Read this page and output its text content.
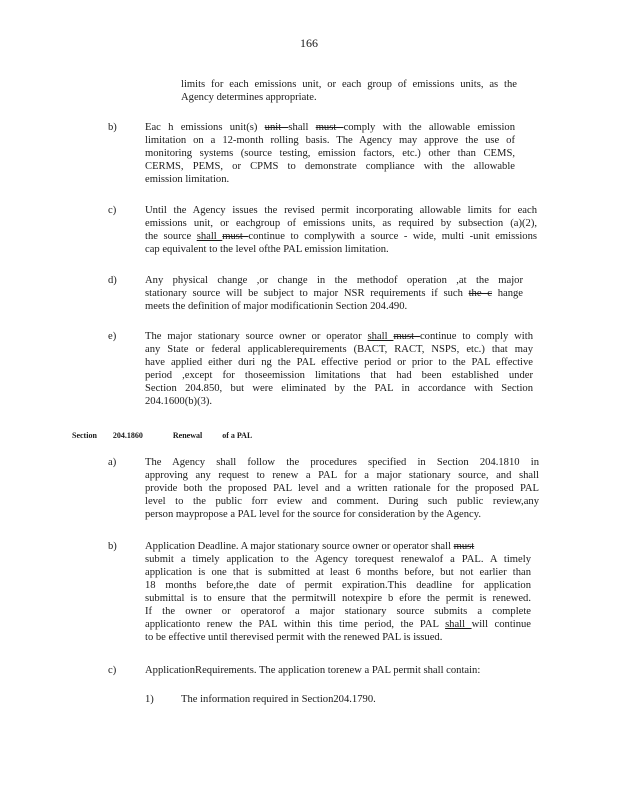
166
limits for each emissions unit, or each group of emissions units, as the
Agency determines appropriate.
b)	Eac h emissions unit(s) unit shall must comply with the allowable emission
limitation on a 12-month rolling basis. The Agency may approve the use of
monitoring systems (source testing, emission factors, etc.) other than CEMS,
CERMS, PEMS, or CPMS to demonstrate compliance with the allowable
emission limitation.
c)	Until the Agency issues the revised permit incorporating allowable limits for each
emissions unit, or eachgroup of emissions units, as required by subsection (a)(2),
the source shall must continue to complywith a source - wide, multi -unit emissions
cap equivalent to the level ofthe PAL emission limitation.
d)	Any physical change ,or change in the methodof operation ,at the major
stationary source will be subject to major NSR requirements if such the c hange
meets the definition of major modificationin Section 204.490.
e)	The major stationary source owner or operator shall must continue to comply with
any State or federal applicablerequirements (BACT, RACT, NSPS, etc.) that may
have applied either duri ng the PAL effective period or prior to the PAL effective
period ,except for thoseemission limitations that had been established under
Section 204.850, but were eliminated by the PAL in accordance with Section
204.1600(b)(3).
Section 204.1860	Renewal	of a PAL
a)	The Agency shall follow the procedures specified in Section 204.1810 in
approving any request to renew a PAL for a major stationary source, and shall
provide both the proposed PAL level and a written rationale for the proposed PAL
level to the public forr eview and comment. During such public review,any
person maypropose a PAL level for the source for consideration by the Agency.
b)	Application Deadline. A major stationary source owner or operator shall must
submit a timely application to the Agency torequest renewalof a PAL. A timely
application is one that is submitted at least 6 months before, but not earlier than
18 months before,the date of permit expiration.This deadline for application
submittal is to ensure that the permitwill notexpire b efore the permit is renewed.
If the owner or operatorof a major stationary source submits a complete
applicationto renew the PAL within this time period, the PAL shall will continue
to be effective until therevised permit with the renewed PAL is issued.
c)	ApplicationRequirements. The application torenew a PAL permit shall contain:
1)	The information required in Section204.1790.
